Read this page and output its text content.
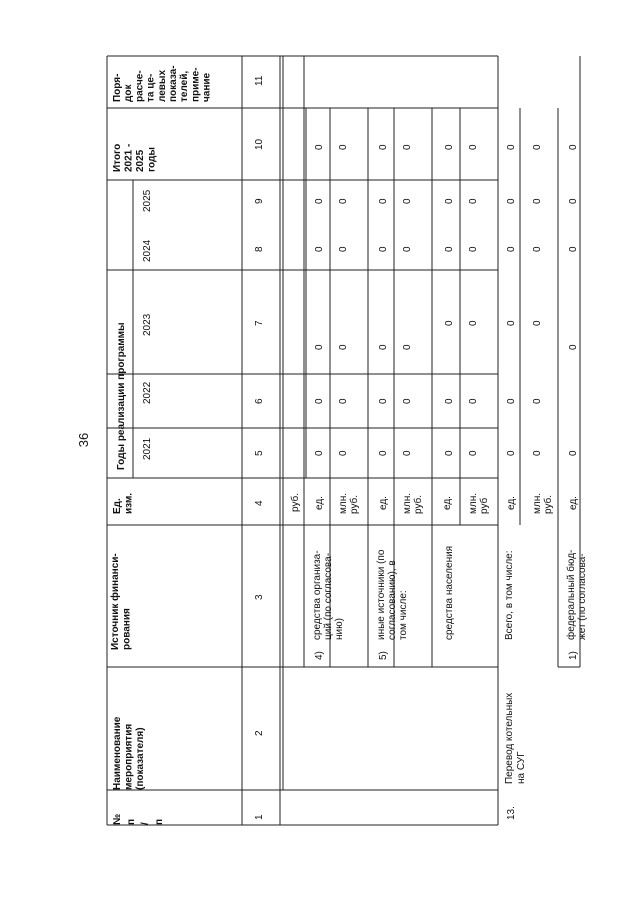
36
№ п / п
Наименование мероприятия (показателя)
Источник финанси- рования
Ед. изм.
Годы реализации программы 2021
2022
2023
2024
2025
Итого 2021 - 2025 годы
Поря- док расче- та це- левых показа- телей, приме- чание
1
2
3
4
5
6
7
8
9
10
11
руб.
4)
средства организа- ций (по согласова- нию)
ед. млн. руб.
5)
иные источники (по согласованию), в том числе:
ед. млн. руб.
средства населения
ед. млн. руб
13.
Перевод котельных на СУГ
Всего, в том числе:
ед. млн. руб.
1)
федеральный бюд- жет (по согласова-
ед.
0
0
0
0
0
0
0
0
0
0
0
0
0
0
0
0
0
0
0
0
0
0
0
0
0
0
0
0
0
0
0
0
0
0
0
0
0
0
0
0
0
0
0
0
0
0
0
0
0
0
0
0
0
